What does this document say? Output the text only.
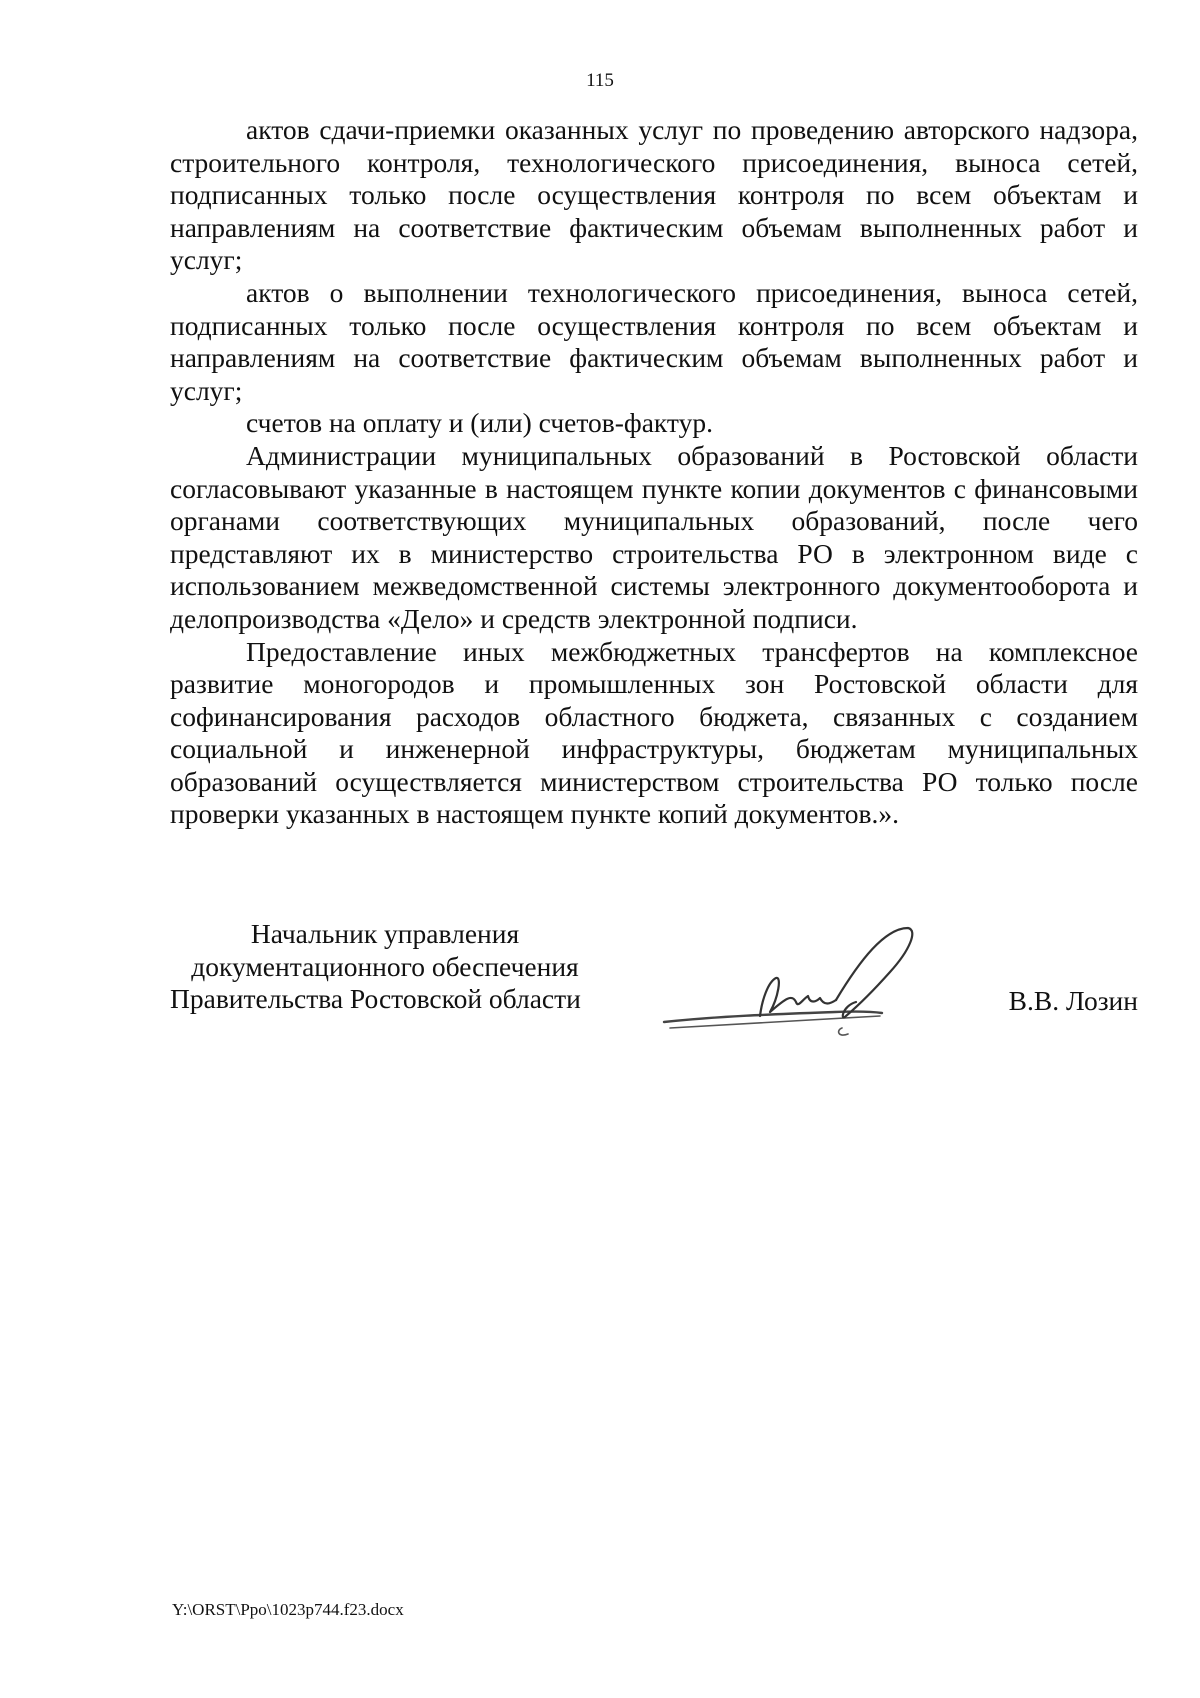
115

актов сдачи-приемки оказанных услуг по проведению авторского надзора, строительного контроля, технологического присоединения, выноса сетей, подписанных только после осуществления контроля по всем объектам и направлениям на соответствие фактическим объемам выполненных работ и услуг;

актов о выполнении технологического присоединения, выноса сетей, подписанных только после осуществления контроля по всем объектам и направлениям на соответствие фактическим объемам выполненных работ и услуг;

счетов на оплату и (или) счетов-фактур.

Администрации муниципальных образований в Ростовской области согласовывают указанные в настоящем пункте копии документов с финансовыми органами соответствующих муниципальных образований, после чего представляют их в министерство строительства РО в электронном виде с использованием межведомственной системы электронного документооборота и делопроизводства «Дело» и средств электронной подписи.

Предоставление иных межбюджетных трансфертов на комплексное развитие моногородов и промышленных зон Ростовской области для софинансирования расходов областного бюджета, связанных с созданием социальной и инженерной инфраструктуры, бюджетам муниципальных образований осуществляется министерством строительства РО только после проверки указанных в настоящем пункте копий документов.».

Начальник управления
документационного обеспечения
Правительства Ростовской области	В.В. Лозин
Y:\ORST\Ppo\1023p744.f23.docx
